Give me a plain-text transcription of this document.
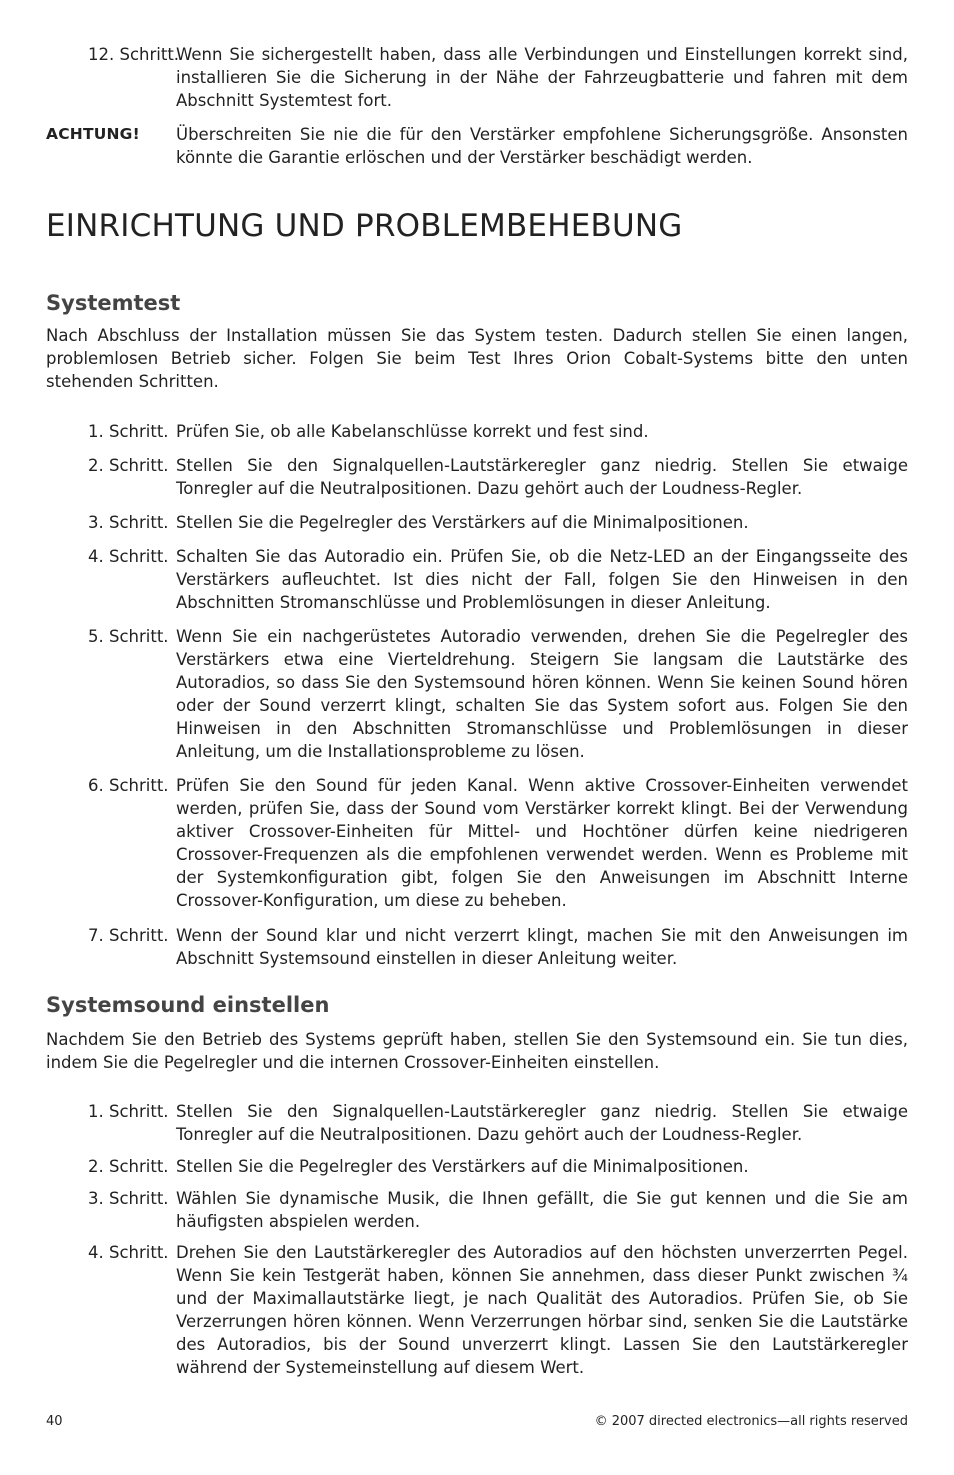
12. Schritt.
Wenn Sie sichergestellt haben, dass alle Verbindungen und Einstellungen korrekt sind, installieren Sie die Sicherung in der Nähe der Fahrzeugbatterie und fahren mit dem Abschnitt Systemtest fort.
ACHTUNG! Überschreiten Sie nie die für den Verstärker empfohlene Sicherungsgröße. Ansonsten könnte die Garantie erlöschen und der Verstärker beschädigt werden.
EINRICHTUNG UND PROBLEMBEHEBUNG
Systemtest
Nach Abschluss der Installation müssen Sie das System testen. Dadurch stellen Sie einen langen, problemlosen Betrieb sicher. Folgen Sie beim Test Ihres Orion Cobalt-Systems bitte den unten stehenden Schritten.
1. Schritt. Prüfen Sie, ob alle Kabelanschlüsse korrekt und fest sind.
2. Schritt. Stellen Sie den Signalquellen-Lautstärkeregler ganz niedrig. Stellen Sie etwaige Tonregler auf die Neutralpositionen. Dazu gehört auch der Loudness-Regler.
3. Schritt. Stellen Sie die Pegelregler des Verstärkers auf die Minimalpositionen.
4. Schritt. Schalten Sie das Autoradio ein. Prüfen Sie, ob die Netz-LED an der Eingangsseite des Verstärkers aufleuchtet. Ist dies nicht der Fall, folgen Sie den Hinweisen in den Abschnitten Stromanschlüsse und Problemlösungen in dieser Anleitung.
5. Schritt. Wenn Sie ein nachgerüstetes Autoradio verwenden, drehen Sie die Pegelregler des Verstärkers etwa eine Vierteldrehung. Steigern Sie langsam die Lautstärke des Autoradios, so dass Sie den Systemsound hören können. Wenn Sie keinen Sound hören oder der Sound verzerrt klingt, schalten Sie das System sofort aus. Folgen Sie den Hinweisen in den Abschnitten Stromanschlüsse und Problemlösungen in dieser Anleitung, um die Installationsprobleme zu lösen.
6. Schritt. Prüfen Sie den Sound für jeden Kanal. Wenn aktive Crossover-Einheiten verwendet werden, prüfen Sie, dass der Sound vom Verstärker korrekt klingt. Bei der Verwendung aktiver Crossover-Einheiten für Mittel- und Hochtöner dürfen keine niedrigeren Crossover-Frequenzen als die empfohlenen verwendet werden. Wenn es Probleme mit der Systemkonfiguration gibt, folgen Sie den Anweisungen im Abschnitt Interne Crossover-Konfiguration, um diese zu beheben.
7. Schritt. Wenn der Sound klar und nicht verzerrt klingt, machen Sie mit den Anweisungen im Abschnitt Systemsound einstellen in dieser Anleitung weiter.
Systemsound einstellen
Nachdem Sie den Betrieb des Systems geprüft haben, stellen Sie den Systemsound ein. Sie tun dies, indem Sie die Pegelregler und die internen Crossover-Einheiten einstellen.
1. Schritt. Stellen Sie den Signalquellen-Lautstärkeregler ganz niedrig. Stellen Sie etwaige Tonregler auf die Neutralpositionen. Dazu gehört auch der Loudness-Regler.
2. Schritt. Stellen Sie die Pegelregler des Verstärkers auf die Minimalpositionen.
3. Schritt. Wählen Sie dynamische Musik, die Ihnen gefällt, die Sie gut kennen und die Sie am häufigsten abspielen werden.
4. Schritt. Drehen Sie den Lautstärkeregler des Autoradios auf den höchsten unverzerrten Pegel. Wenn Sie kein Testgerät haben, können Sie annehmen, dass dieser Punkt zwischen ¾ und der Maximallautstärke liegt, je nach Qualität des Autoradios. Prüfen Sie, ob Sie Verzerrungen hören können. Wenn Verzerrungen hörbar sind, senken Sie die Lautstärke des Autoradios, bis der Sound unverzerrt klingt. Lassen Sie den Lautstärkeregler während der Systemeinstellung auf diesem Wert.
40	© 2007 directed electronics—all rights reserved
